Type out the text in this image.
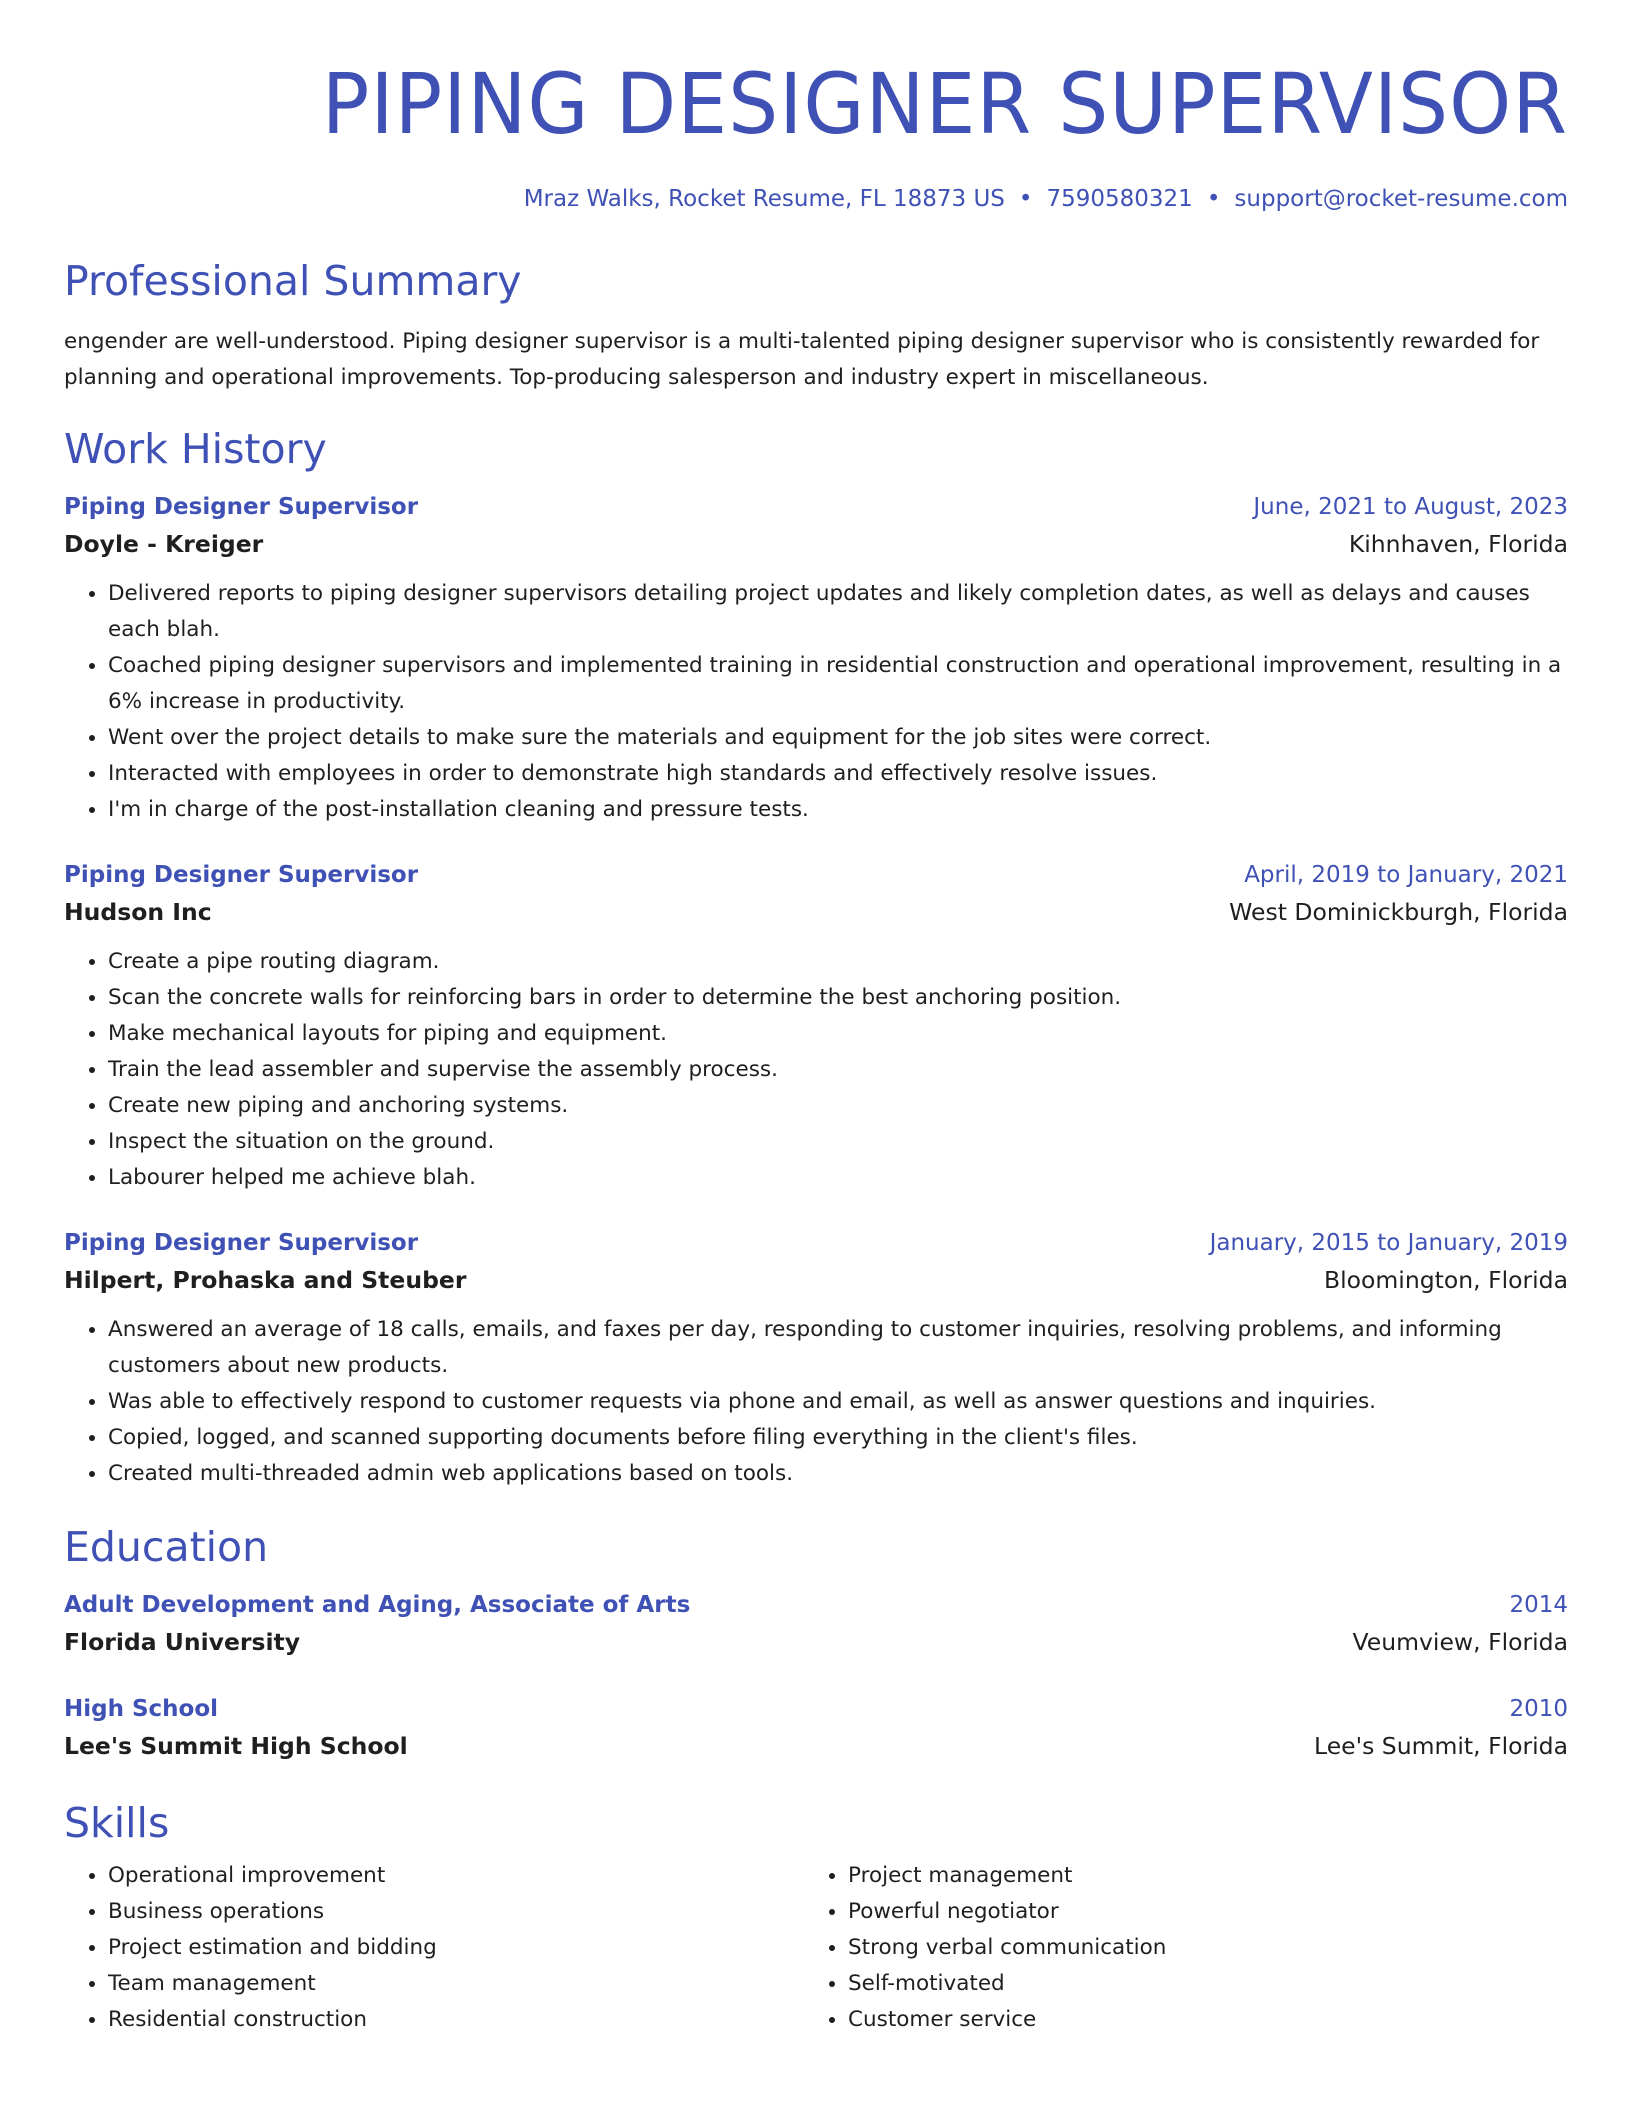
PIPING DESIGNER SUPERVISOR
Mraz Walks, Rocket Resume, FL 18873 US • 7590580321 • support@rocket-resume.com
Professional Summary
engender are well-understood. Piping designer supervisor is a multi-talented piping designer supervisor who is consistently rewarded for planning and operational improvements. Top-producing salesperson and industry expert in miscellaneous.
Work History
Piping Designer Supervisor	June, 2021 to August, 2023
Doyle - Kreiger	Kihnhaven, Florida
• Delivered reports to piping designer supervisors detailing project updates and likely completion dates, as well as delays and causes each blah.
• Coached piping designer supervisors and implemented training in residential construction and operational improvement, resulting in a 6% increase in productivity.
• Went over the project details to make sure the materials and equipment for the job sites were correct.
• Interacted with employees in order to demonstrate high standards and effectively resolve issues.
• I'm in charge of the post-installation cleaning and pressure tests.
Piping Designer Supervisor	April, 2019 to January, 2021
Hudson Inc	West Dominickburgh, Florida
• Create a pipe routing diagram.
• Scan the concrete walls for reinforcing bars in order to determine the best anchoring position.
• Make mechanical layouts for piping and equipment.
• Train the lead assembler and supervise the assembly process.
• Create new piping and anchoring systems.
• Inspect the situation on the ground.
• Labourer helped me achieve blah.
Piping Designer Supervisor	January, 2015 to January, 2019
Hilpert, Prohaska and Steuber	Bloomington, Florida
• Answered an average of 18 calls, emails, and faxes per day, responding to customer inquiries, resolving problems, and informing customers about new products.
• Was able to effectively respond to customer requests via phone and email, as well as answer questions and inquiries.
• Copied, logged, and scanned supporting documents before filing everything in the client's files.
• Created multi-threaded admin web applications based on tools.
Education
Adult Development and Aging, Associate of Arts	2014
Florida University	Veumview, Florida
High School	2010
Lee's Summit High School	Lee's Summit, Florida
Skills
• Operational improvement
• Business operations
• Project estimation and bidding
• Team management
• Residential construction
• Project management
• Powerful negotiator
• Strong verbal communication
• Self-motivated
• Customer service
